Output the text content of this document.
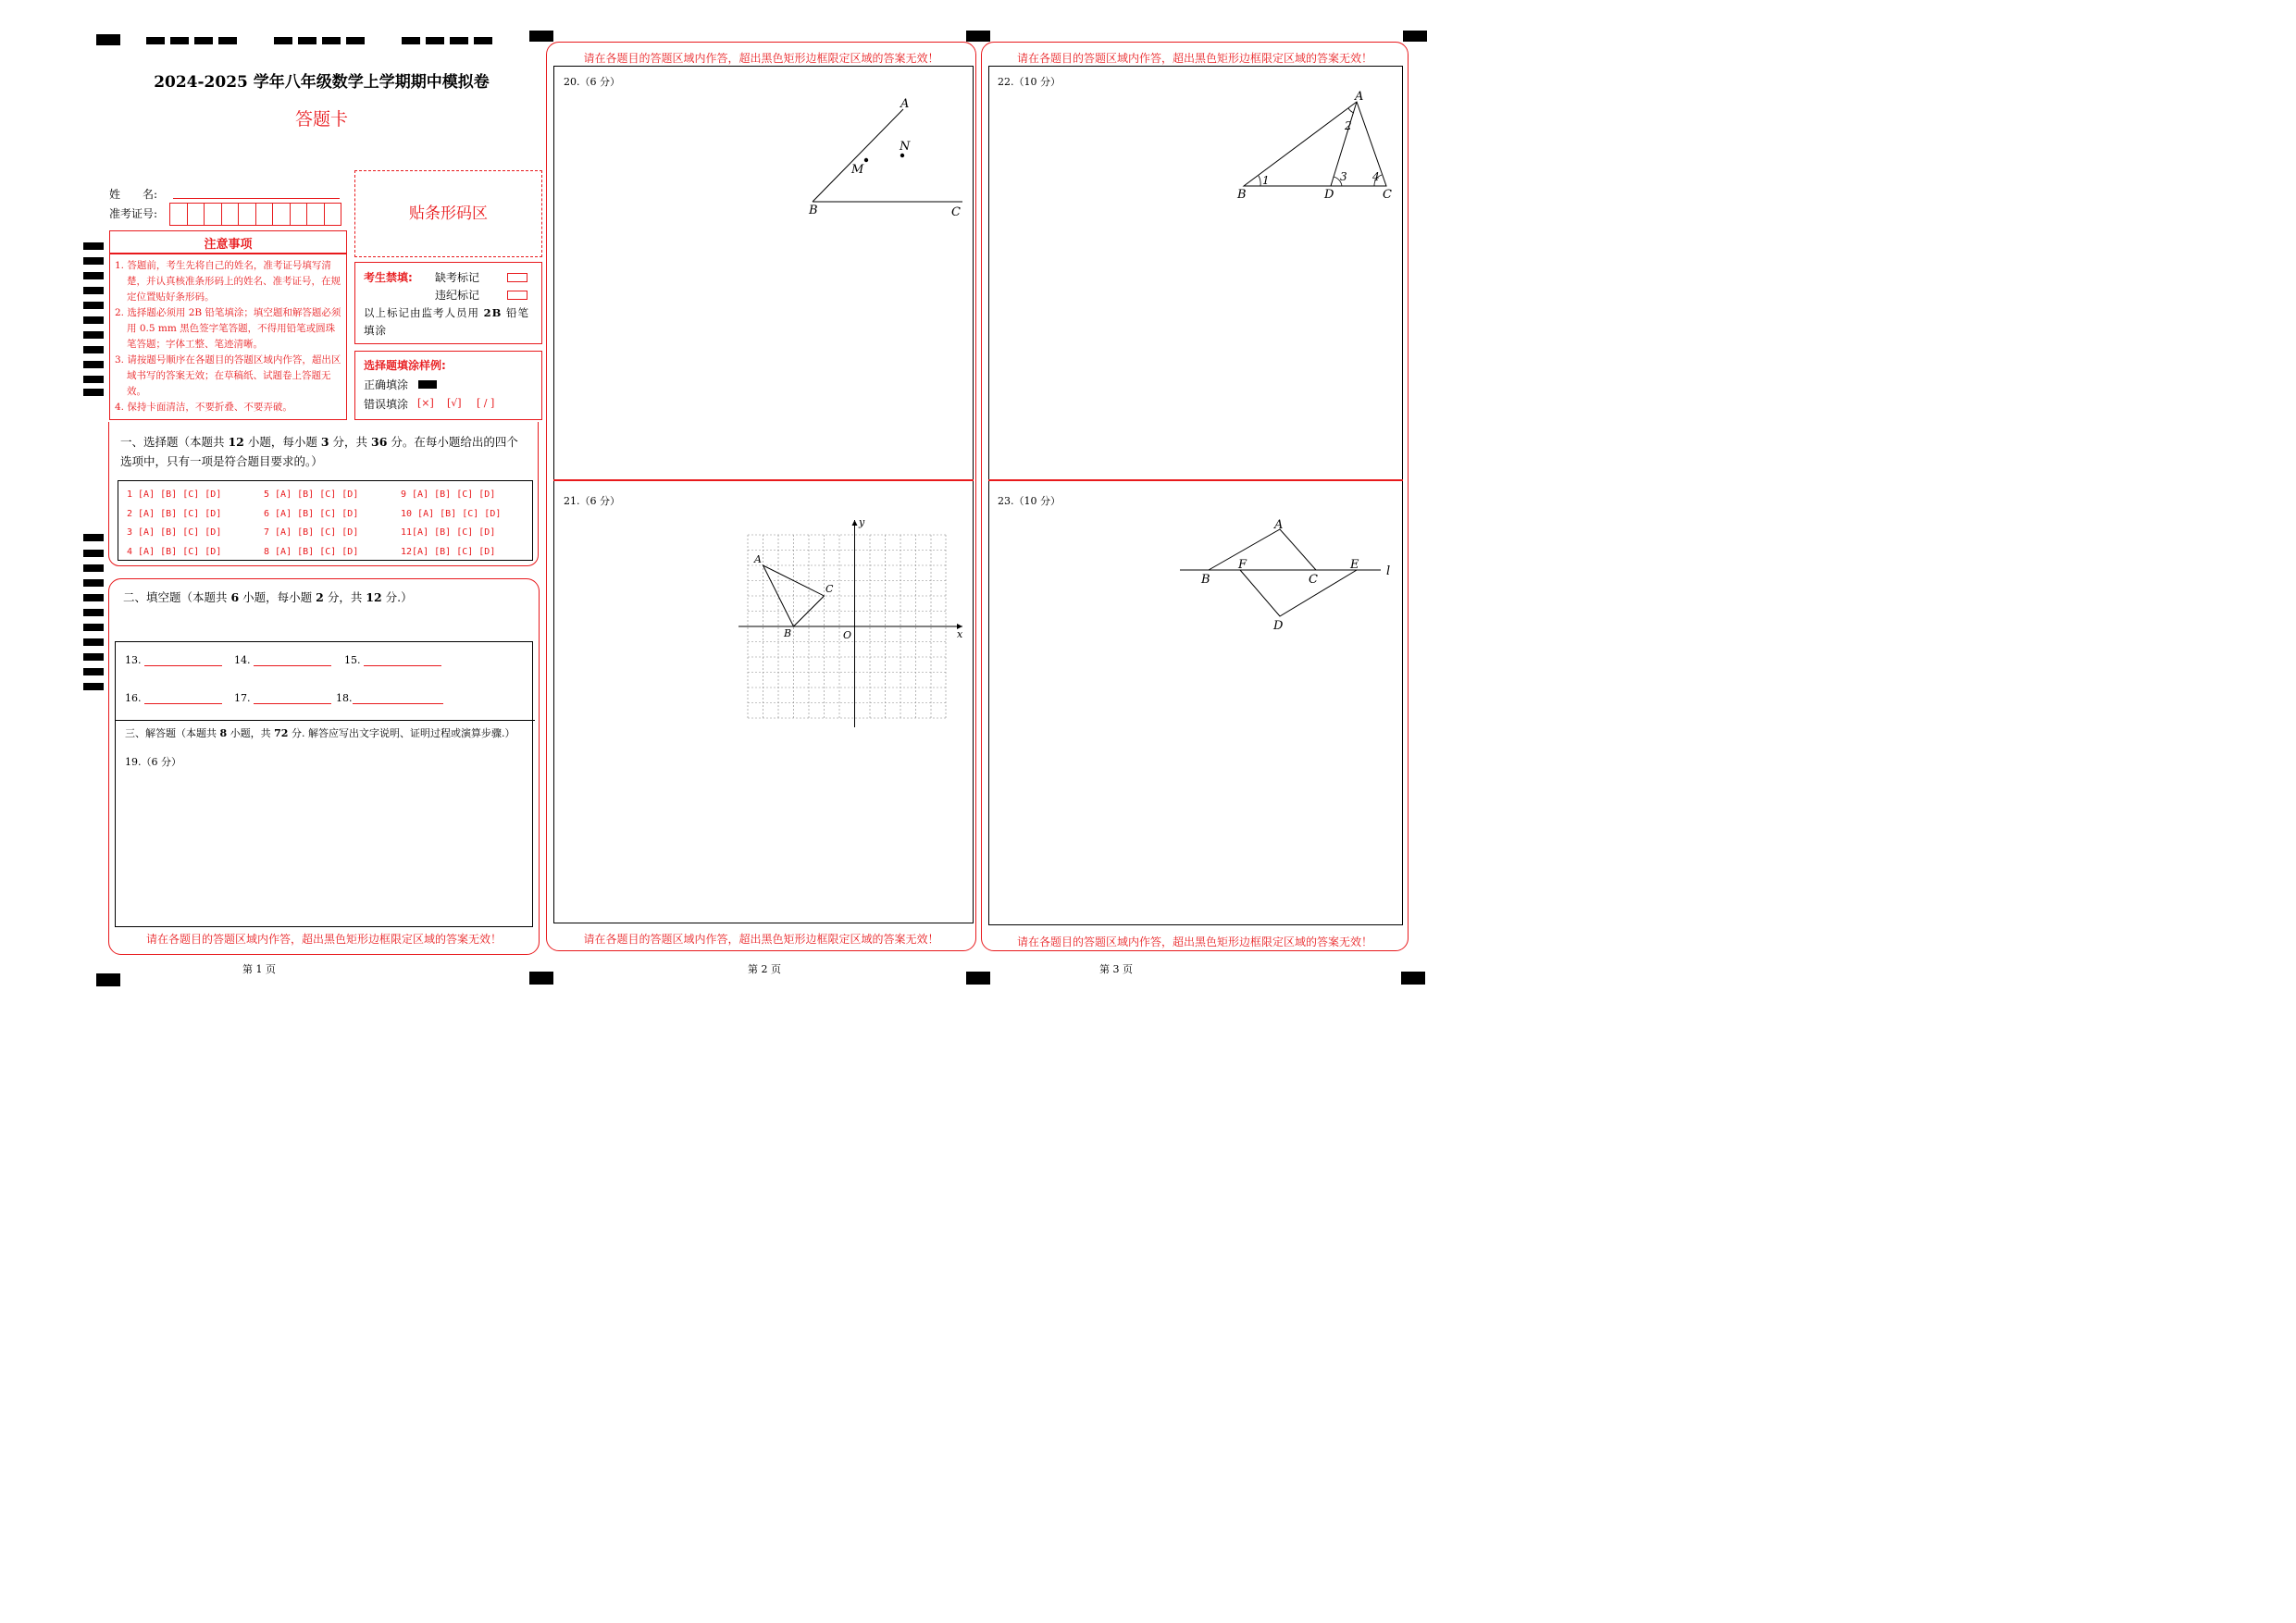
2024-2025 学年八年级数学上学期期中模拟卷
答题卡
姓　　名:
准考证号:	贴条形码区
注意事项
1. 答题前，考生先将自己的姓名，准考证号填写清楚，并认真核准条形码上的姓名、准考证号，在规定位置贴好条形码。
2. 选择题必须用 2B 铅笔填涂；填空题和解答题必须用 0.5 mm 黑色签字笔答题，不得用铅笔或圆珠笔答题；字体工整、笔迹清晰。
3. 请按题号顺序在各题目的答题区域内作答，超出区域书写的答案无效；在草稿纸、试题卷上答题无效。
4. 保持卡面清洁，不要折叠、不要弄破。
考生禁填: 缺考标记
违纪标记
以上标记由监考人员用 2B 铅笔填涂
选择题填涂样例:
正确填涂
错误填涂 [×] [√] [ / ]
一、选择题（本题共 12 小题，每小题 3 分，共 36 分。在每小题给出的四个选项中，只有一项是符合题目要求的。）
1 [A] [B] [C] [D]
2 [A] [B] [C] [D]
3 [A] [B] [C] [D]
4 [A] [B] [C] [D]
5 [A] [B] [C] [D]
6 [A] [B] [C] [D]
7 [A] [B] [C] [D]
8 [A] [B] [C] [D]
9 [A] [B] [C] [D]
10 [A] [B] [C] [D]
11[A] [B] [C] [D]
12[A] [B] [C] [D]
二、填空题（本题共 6 小题，每小题 2 分，共 12 分.）
13.	14.	15.
16.	17.	18.
三、解答题（本题共 8 小题，共 72 分. 解答应写出文字说明、证明过程或演算步骤.）
19.（6 分）
请在各题目的答题区域内作答，超出黑色矩形边框限定区域的答案无效！
第 1 页
请在各题目的答题区域内作答，超出黑色矩形边框限定区域的答案无效！
20.（6 分）
21.（6 分）
请在各题目的答题区域内作答，超出黑色矩形边框限定区域的答案无效！
第 2 页
A
B	C
M
N
A
B
C
O	x
y
请在各题目的答题区域内作答，超出黑色矩形边框限定区域的答案无效！
22.（10 分）
23.（10 分）
请在各题目的答题区域内作答，超出黑色矩形边框限定区域的答案无效！
第 3 页
A
B	C
D
1
2
3 4
A
B	C
D
E
F	l
